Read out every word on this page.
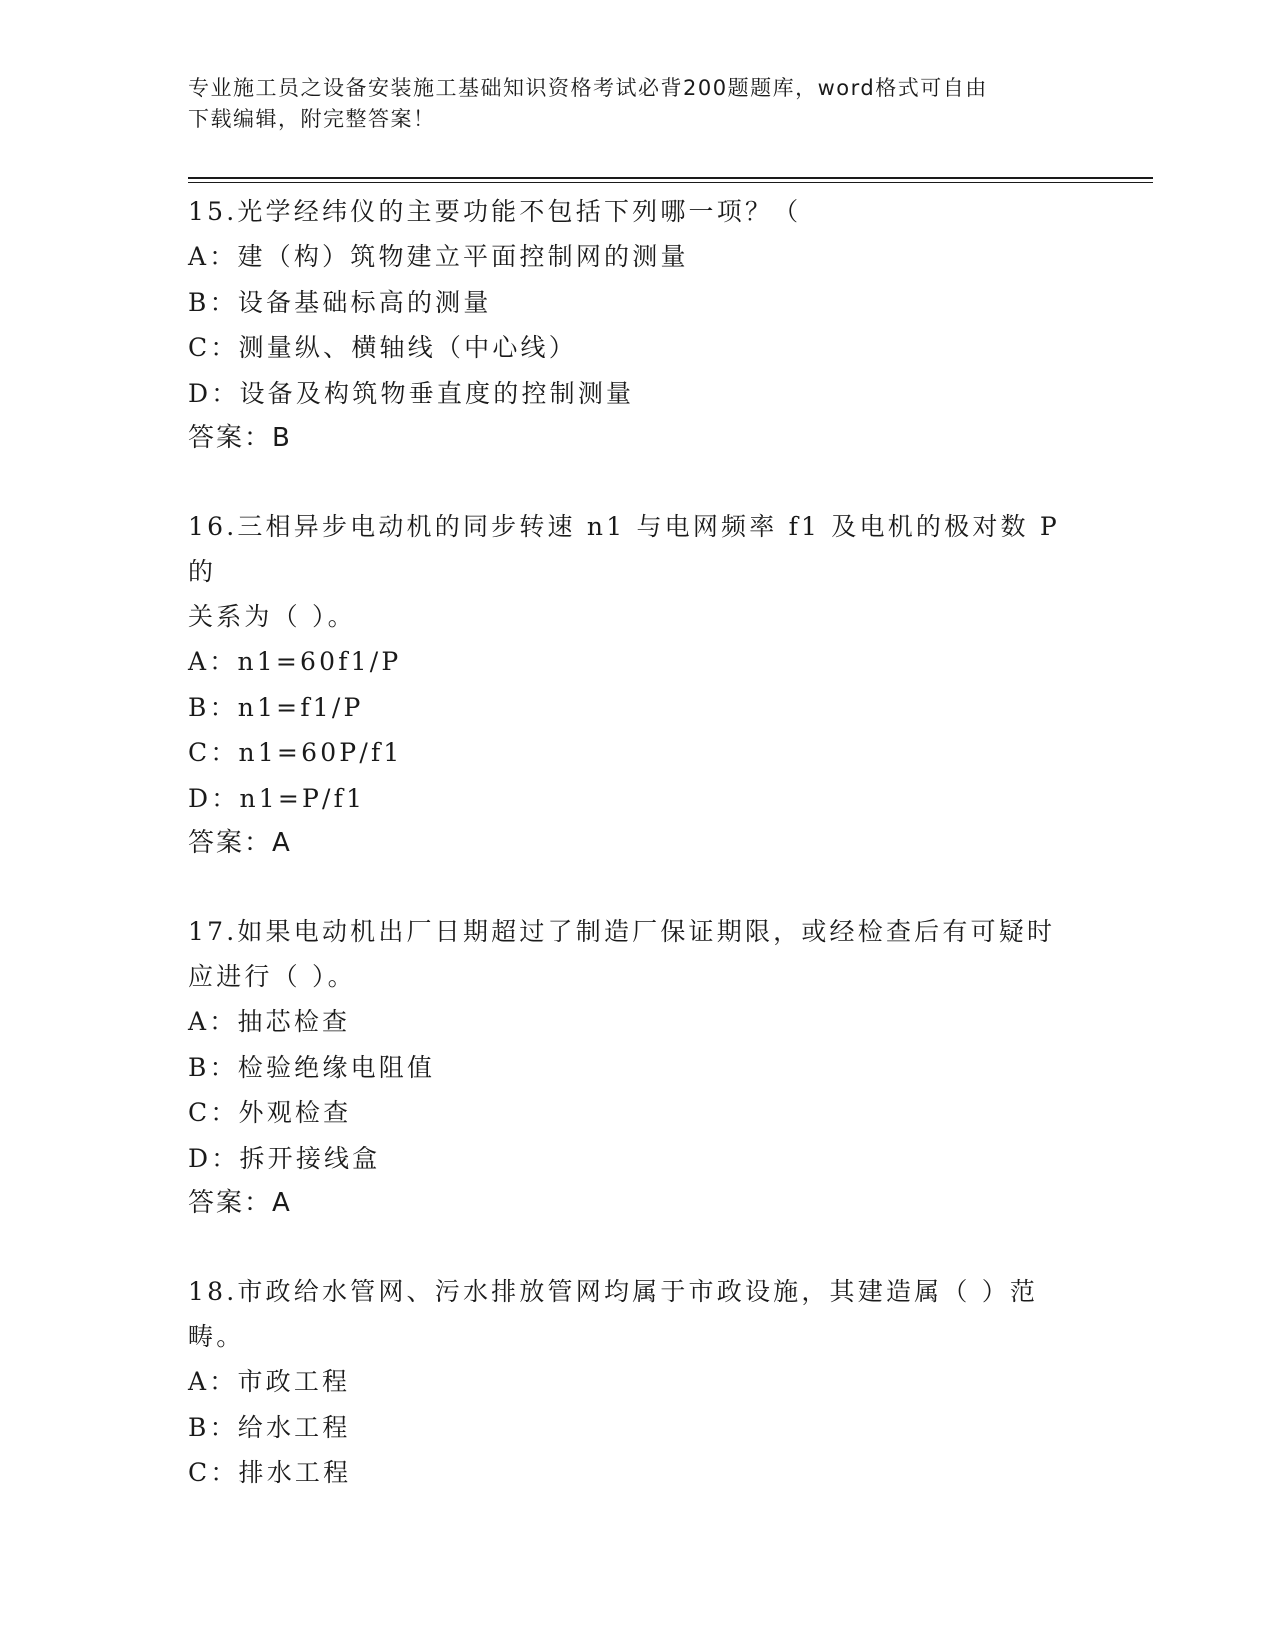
专业施工员之设备安装施工基础知识资格考试必背200题题库，word格式可自由
下载编辑，附完整答案！

15.光学经纬仪的主要功能不包括下列哪一项？（

A：建（构）筑物建立平面控制网的测量

B：设备基础标高的测量

C：测量纵、横轴线（中心线）

D：设备及构筑物垂直度的控制测量

答案：B

16.三相异步电动机的同步转速 n1 与电网频率 f1 及电机的极对数 P 的

关系为（ ）。

A：n1=60f1/P

B：n1=f1/P

C：n1=60P/f1

D：n1=P/f1

答案：A

17.如果电动机出厂日期超过了制造厂保证期限，或经检查后有可疑时

应进行（ ）。

A：抽芯检查

B：检验绝缘电阻值

C：外观检查

D：拆开接线盒

答案：A

18.市政给水管网、污水排放管网均属于市政设施，其建造属（ ）范

畴。

A：市政工程

B：给水工程

C：排水工程
